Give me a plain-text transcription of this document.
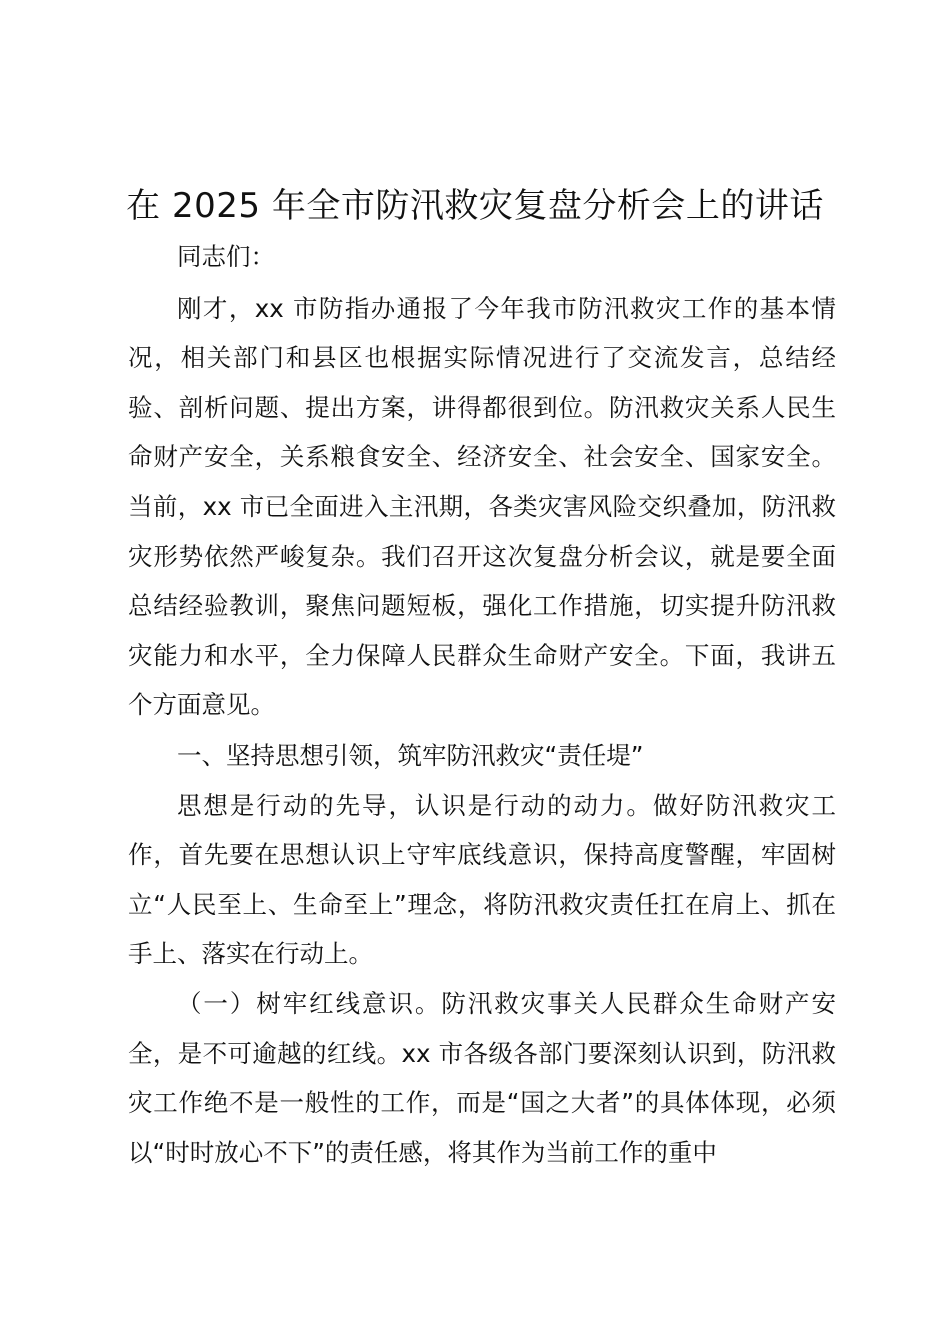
在 2025 年全市防汛救灾复盘分析会上的讲话

同志们：

刚才，xx 市防指办通报了今年我市防汛救灾工作的基本情况，相关部门和县区也根据实际情况进行了交流发言，总结经验、剖析问题、提出方案，讲得都很到位。防汛救灾关系人民生命财产安全，关系粮食安全、经济安全、社会安全、国家安全。当前，xx 市已全面进入主汛期，各类灾害风险交织叠加，防汛救灾形势依然严峻复杂。我们召开这次复盘分析会议，就是要全面总结经验教训，聚焦问题短板，强化工作措施，切实提升防汛救灾能力和水平，全力保障人民群众生命财产安全。下面，我讲五个方面意见。

一、坚持思想引领，筑牢防汛救灾“责任堤”

思想是行动的先导，认识是行动的动力。做好防汛救灾工作，首先要在思想认识上守牢底线意识，保持高度警醒，牢固树立“人民至上、生命至上”理念，将防汛救灾责任扛在肩上、抓在手上、落实在行动上。

（一）树牢红线意识。防汛救灾事关人民群众生命财产安全，是不可逾越的红线。xx 市各级各部门要深刻认识到，防汛救灾工作绝不是一般性的工作，而是“国之大者”的具体体现，必须以“时时放心不下”的责任感，将其作为当前工作的重中
